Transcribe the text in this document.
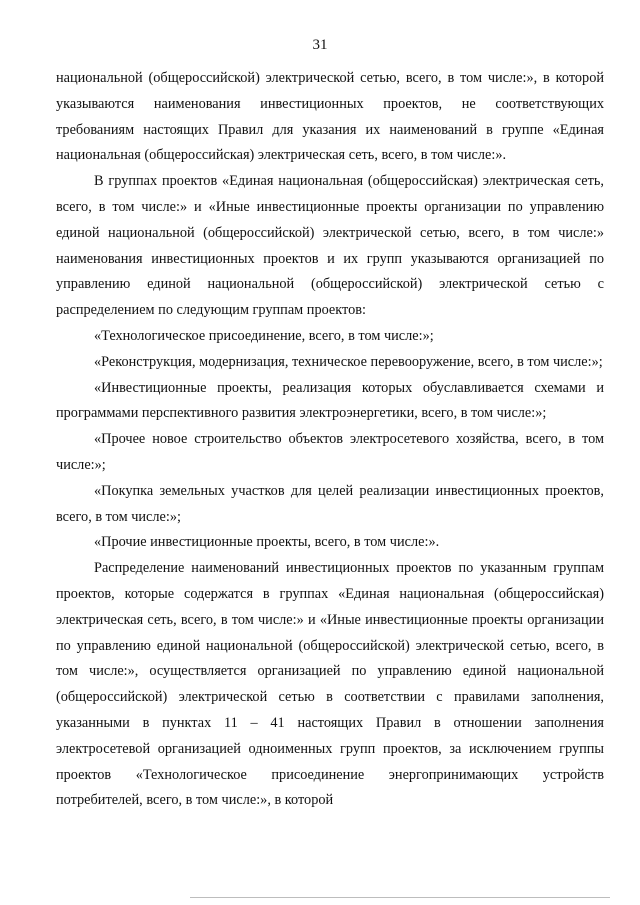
31

национальной (общероссийской) электрической сетью, всего, в том числе:», в которой указываются наименования инвестиционных проектов, не соответствующих требованиям настоящих Правил для указания их наименований в группе «Единая национальная (общероссийская) электрическая сеть, всего, в том числе:».

В группах проектов «Единая национальная (общероссийская) электрическая сеть, всего, в том числе:» и «Иные инвестиционные проекты организации по управлению единой национальной (общероссийской) электрической сетью, всего, в том числе:» наименования инвестиционных проектов и их групп указываются организацией по управлению единой национальной (общероссийской) электрической сетью с распределением по следующим группам проектов:

«Технологическое присоединение, всего, в том числе:»;

«Реконструкция, модернизация, техническое перевооружение, всего, в том числе:»;

«Инвестиционные проекты, реализация которых обуславливается схемами и программами перспективного развития электроэнергетики, всего, в том числе:»;

«Прочее новое строительство объектов электросетевого хозяйства, всего, в том числе:»;

«Покупка земельных участков для целей реализации инвестиционных проектов, всего, в том числе:»;

«Прочие инвестиционные проекты, всего, в том числе:».

Распределение наименований инвестиционных проектов по указанным группам проектов, которые содержатся в группах «Единая национальная (общероссийская) электрическая сеть, всего, в том числе:» и «Иные инвестиционные проекты организации по управлению единой национальной (общероссийской) электрической сетью, всего, в том числе:», осуществляется организацией по управлению единой национальной (общероссийской) электрической сетью в соответствии с правилами заполнения, указанными в пунктах 11 – 41 настоящих Правил в отношении заполнения электросетевой организацией одноименных групп проектов, за исключением группы проектов «Технологическое присоединение энергопринимающих устройств потребителей, всего, в том числе:», в которой
